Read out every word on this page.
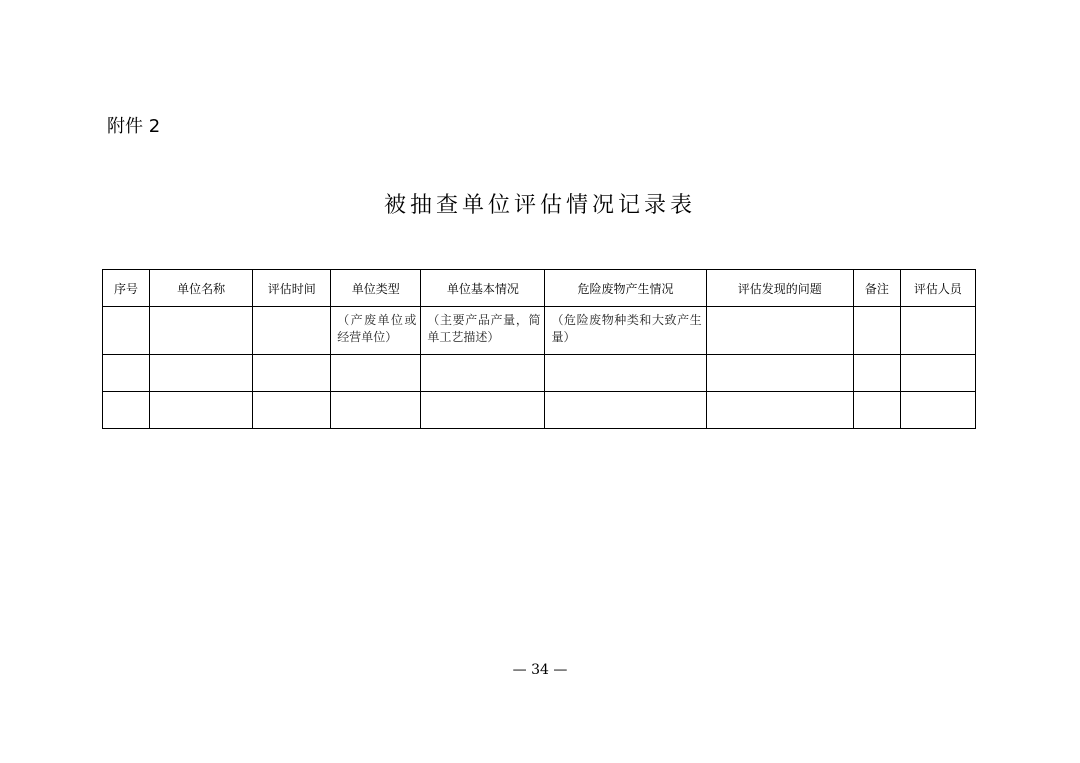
附件 2
被抽查单位评估情况记录表
序号	单位名称	评估时间	单位类型	单位基本情况	危险废物产生情况	评估发现的问题	备注	评估人员

			（产废单位或经营单位）	（主要产品产量，简单工艺描述）	（危险废物种类和大致产生量）			

— 34 —
